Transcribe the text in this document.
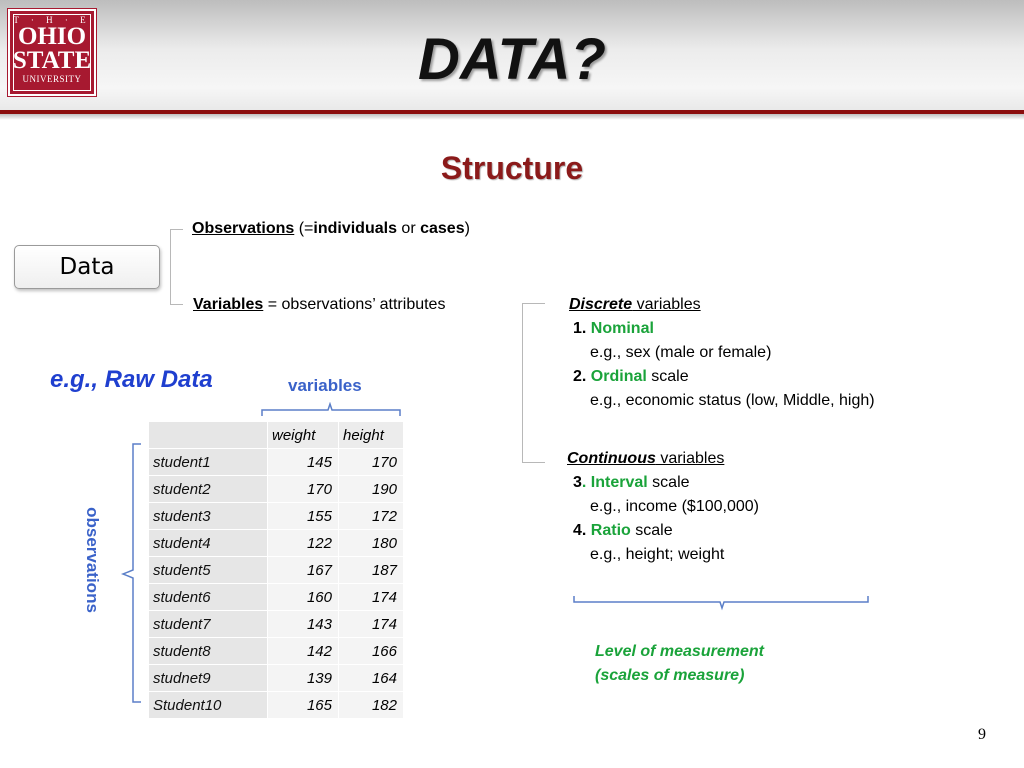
T · H · E
OHIO
STATE
UNIVERSITY	DATA?
Structure
Data
Observations (=individuals or cases)
Variables = observations’ attributes	Discrete variables
1. Nominal
e.g., sex (male or female)
2. Ordinal scale
e.g., economic status (low, Middle, high)
Continuous variables
3. Interval scale
e.g., income ($100,000)
4. Ratio scale
e.g., height; weight
Level of measurement
(scales of measure)
e.g., Raw Data	variables
observations
	weight	height
student1	145	170
student2	170	190
student3	155	172
student4	122	180
student5	167	187
student6	160	174
student7	143	174
student8	142	166
studnet9	139	164
Student10	165	182
9
